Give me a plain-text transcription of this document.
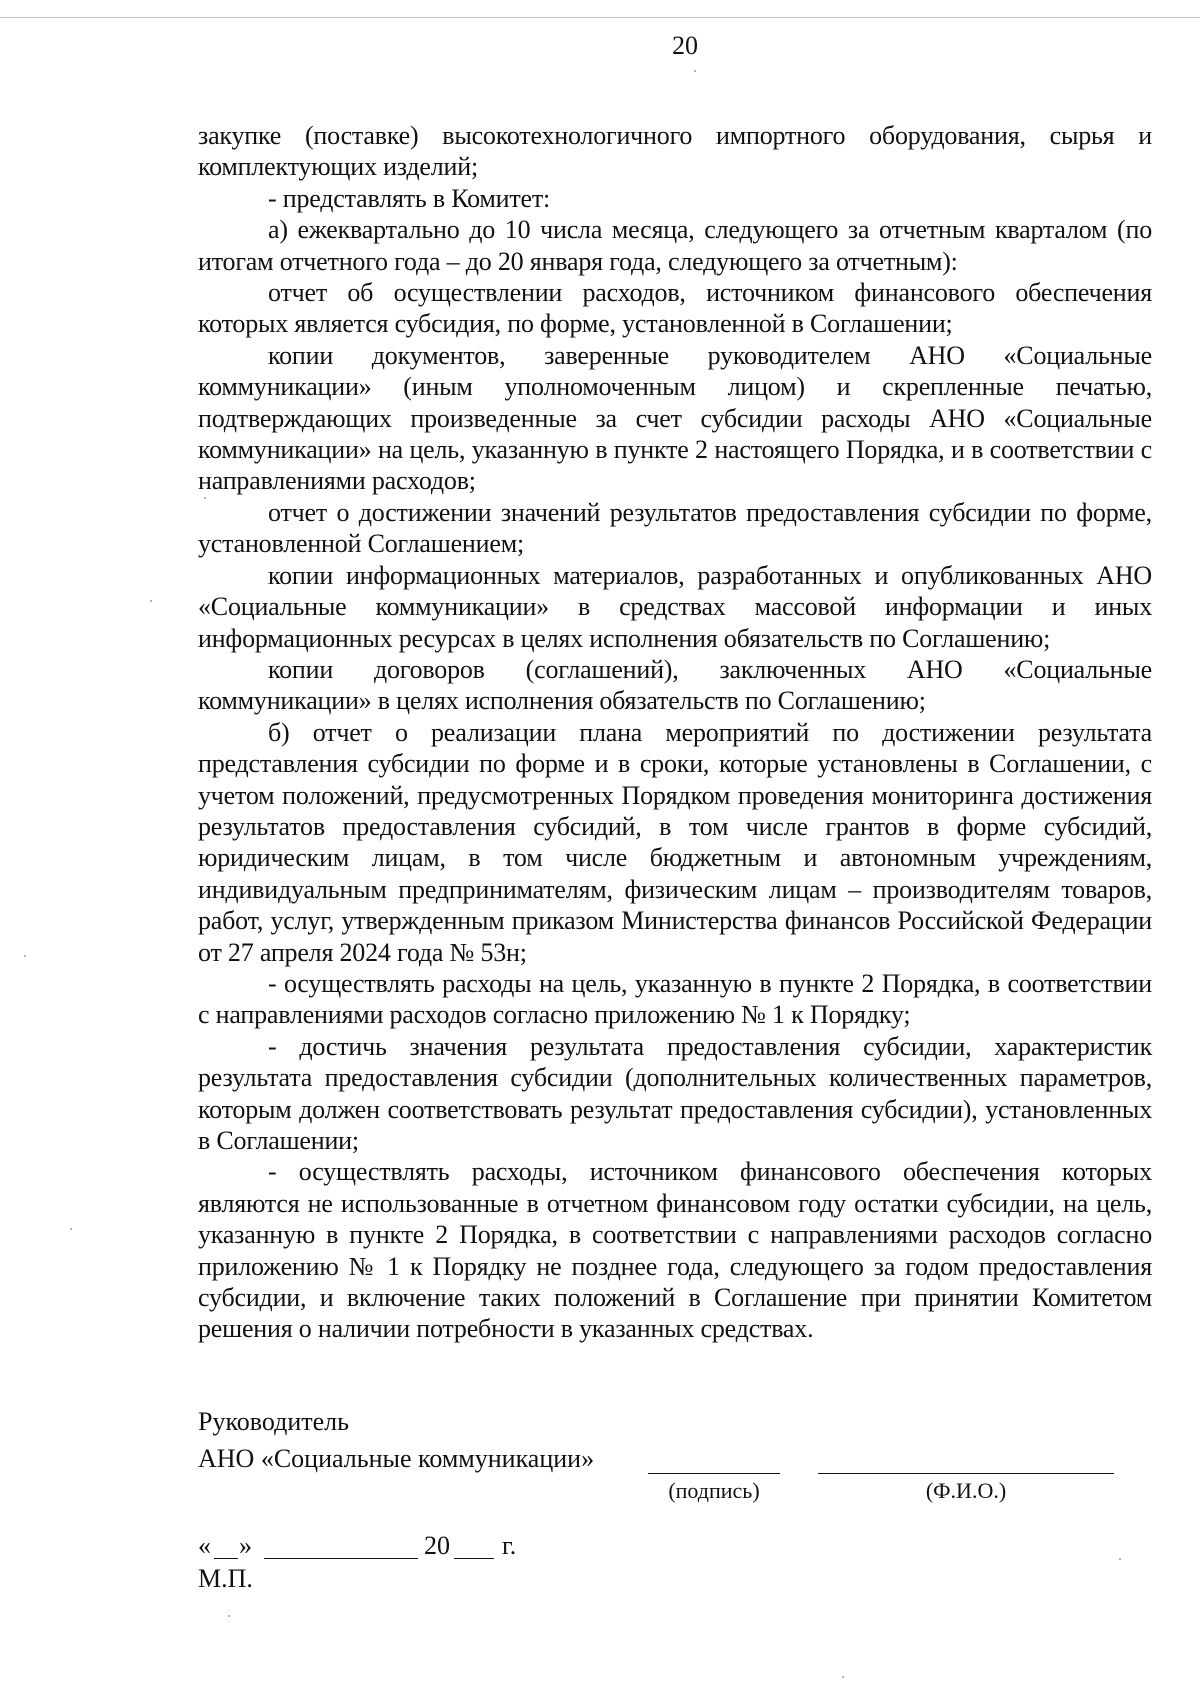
20

закупке (поставке) высокотехнологичного импортного оборудования, сырья и комплектующих изделий;

- представлять в Комитет:

а) ежеквартально до 10 числа месяца, следующего за отчетным кварталом (по итогам отчетного года – до 20 января года, следующего за отчетным):

отчет об осуществлении расходов, источником финансового обеспечения которых является субсидия, по форме, установленной в Соглашении;

копии документов, заверенные руководителем АНО «Социальные коммуникации» (иным уполномоченным лицом) и скрепленные печатью, подтверждающих произведенные за счет субсидии расходы АНО «Социальные коммуникации» на цель, указанную в пункте 2 настоящего Порядка, и в соответствии с направлениями расходов;

отчет о достижении значений результатов предоставления субсидии по форме, установленной Соглашением;

копии информационных материалов, разработанных и опубликованных АНО «Социальные коммуникации» в средствах массовой информации и иных информационных ресурсах в целях исполнения обязательств по Соглашению;

копии договоров (соглашений), заключенных АНО «Социальные коммуникации» в целях исполнения обязательств по Соглашению;

б) отчет о реализации плана мероприятий по достижении результата представления субсидии по форме и в сроки, которые установлены в Соглашении, с учетом положений, предусмотренных Порядком проведения мониторинга достижения результатов предоставления субсидий, в том числе грантов в форме субсидий, юридическим лицам, в том числе бюджетным и автономным учреждениям, индивидуальным предпринимателям, физическим лицам – производителям товаров, работ, услуг, утвержденным приказом Министерства финансов Российской Федерации от 27 апреля 2024 года № 53н;

- осуществлять расходы на цель, указанную в пункте 2 Порядка, в соответствии с направлениями расходов согласно приложению № 1 к Порядку;

- достичь значения результата предоставления субсидии, характеристик результата предоставления субсидии (дополнительных количественных параметров, которым должен соответствовать результат предоставления субсидии), установленных в Соглашении;

- осуществлять расходы, источником финансового обеспечения которых являются не использованные в отчетном финансовом году остатки субсидии, на цель, указанную в пункте 2 Порядка, в соответствии с направлениями расходов согласно приложению № 1 к Порядку не позднее года, следующего за годом предоставления субсидии, и включение таких положений в Соглашение при принятии Комитетом решения о наличии потребности в указанных средствах.

Руководитель
АНО «Социальные коммуникации»
(подпись)	(Ф.И.О.)
« »	20 г.
М.П.
